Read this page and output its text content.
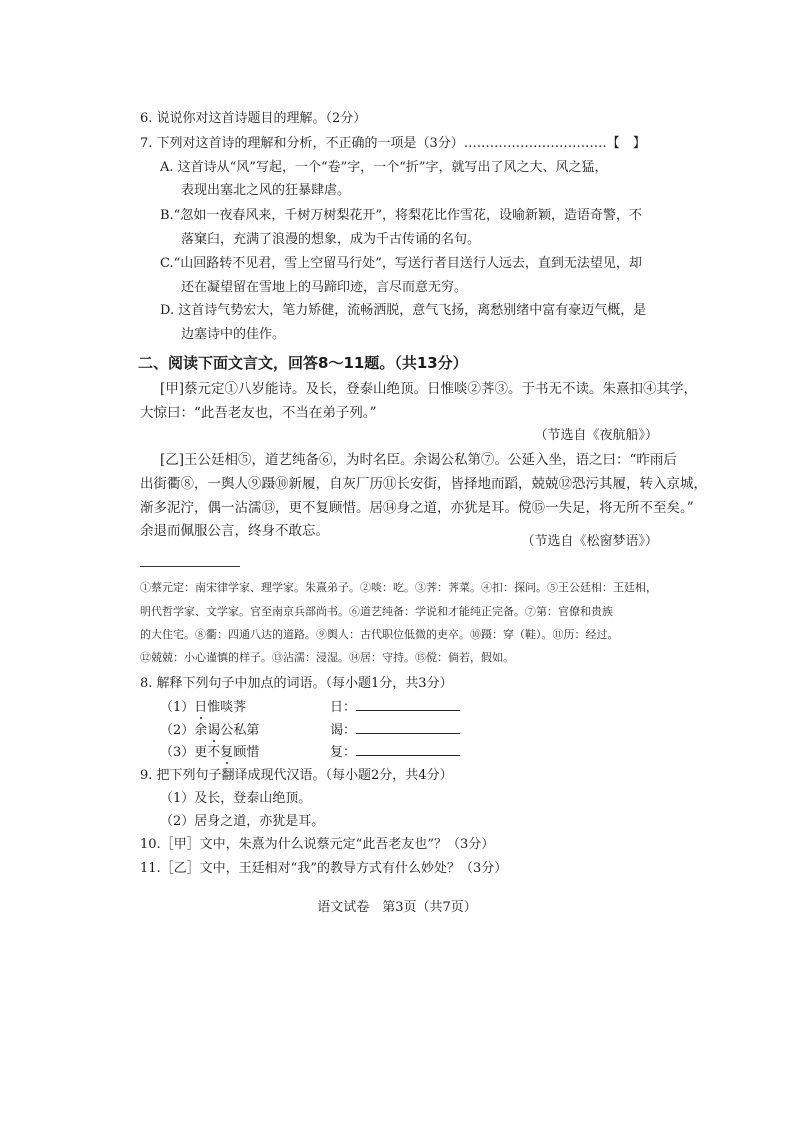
6. 说说你对这首诗题目的理解。（2分）
7. 下列对这首诗的理解和分析，不正确的一项是（3分）……………………………【　】
A. 这首诗从“风”写起，一个“卷”字，一个“折”字，就写出了风之大、风之猛，
表现出塞北之风的狂暴肆虐。
B.“忽如一夜春风来，千树万树梨花开”，将梨花比作雪花，设喻新颖，造语奇警，不
落窠臼，充满了浪漫的想象，成为千古传诵的名句。
C.“山回路转不见君，雪上空留马行处”，写送行者目送行人远去，直到无法望见，却
还在凝望留在雪地上的马蹄印迹，言尽而意无穷。
D. 这首诗气势宏大，笔力矫健，流畅洒脱，意气飞扬，离愁别绪中富有豪迈气概，是
边塞诗中的佳作。
二、阅读下面文言文，回答8～11题。（共13分）
[甲]蔡元定①八岁能诗。及长，登泰山绝顶。日惟啖②荠③。于书无不读。朱熹扣④其学，
大惊曰：“此吾老友也，不当在弟子列。”
（节选自《夜航船》）
[乙]王公廷相⑤，道艺纯备⑥，为时名臣。余谒公私第⑦。公延入坐，语之曰：“昨雨后
出街衢⑧，一舆人⑨蹑⑩新履，自灰厂历⑪长安街，皆择地而蹈，兢兢⑫恐污其履，转入京城，
渐多泥泞，偶一沾濡⑬，更不复顾惜。居⑭身之道，亦犹是耳。傥⑮一失足，将无所不至矣。”
余退而佩服公言，终身不敢忘。
（节选自《松窗梦语》）
①蔡元定：南宋律学家、理学家。朱熹弟子。②啖：吃。③荠：荠菜。④扣：探问。⑤王公廷相：王廷相，
明代哲学家、文学家。官至南京兵部尚书。⑥道艺纯备：学说和才能纯正完备。⑦第：官僚和贵族
的大住宅。⑧衢：四通八达的道路。⑨舆人：古代职位低微的吏卒。⑩蹑：穿（鞋）。⑪历：经过。
⑫兢兢：小心谨慎的样子。⑬沾濡：浸湿。⑭居：守持。⑮傥：倘若，假如。
8. 解释下列句子中加点的词语。（每小题1分，共3分）
（1）日惟啖荠	日：
（2）余谒公私第	谒：
（3）更不复顾惜	复：
9. 把下列句子翻译成现代汉语。（每小题2分，共4分）
（1）及长，登泰山绝顶。
（2）居身之道，亦犹是耳。
10.［甲］文中，朱熹为什么说蔡元定“此吾老友也”？（3分）
11.［乙］文中，王廷相对“我”的教导方式有什么妙处？（3分）
语文试卷　第3页（共7页）
